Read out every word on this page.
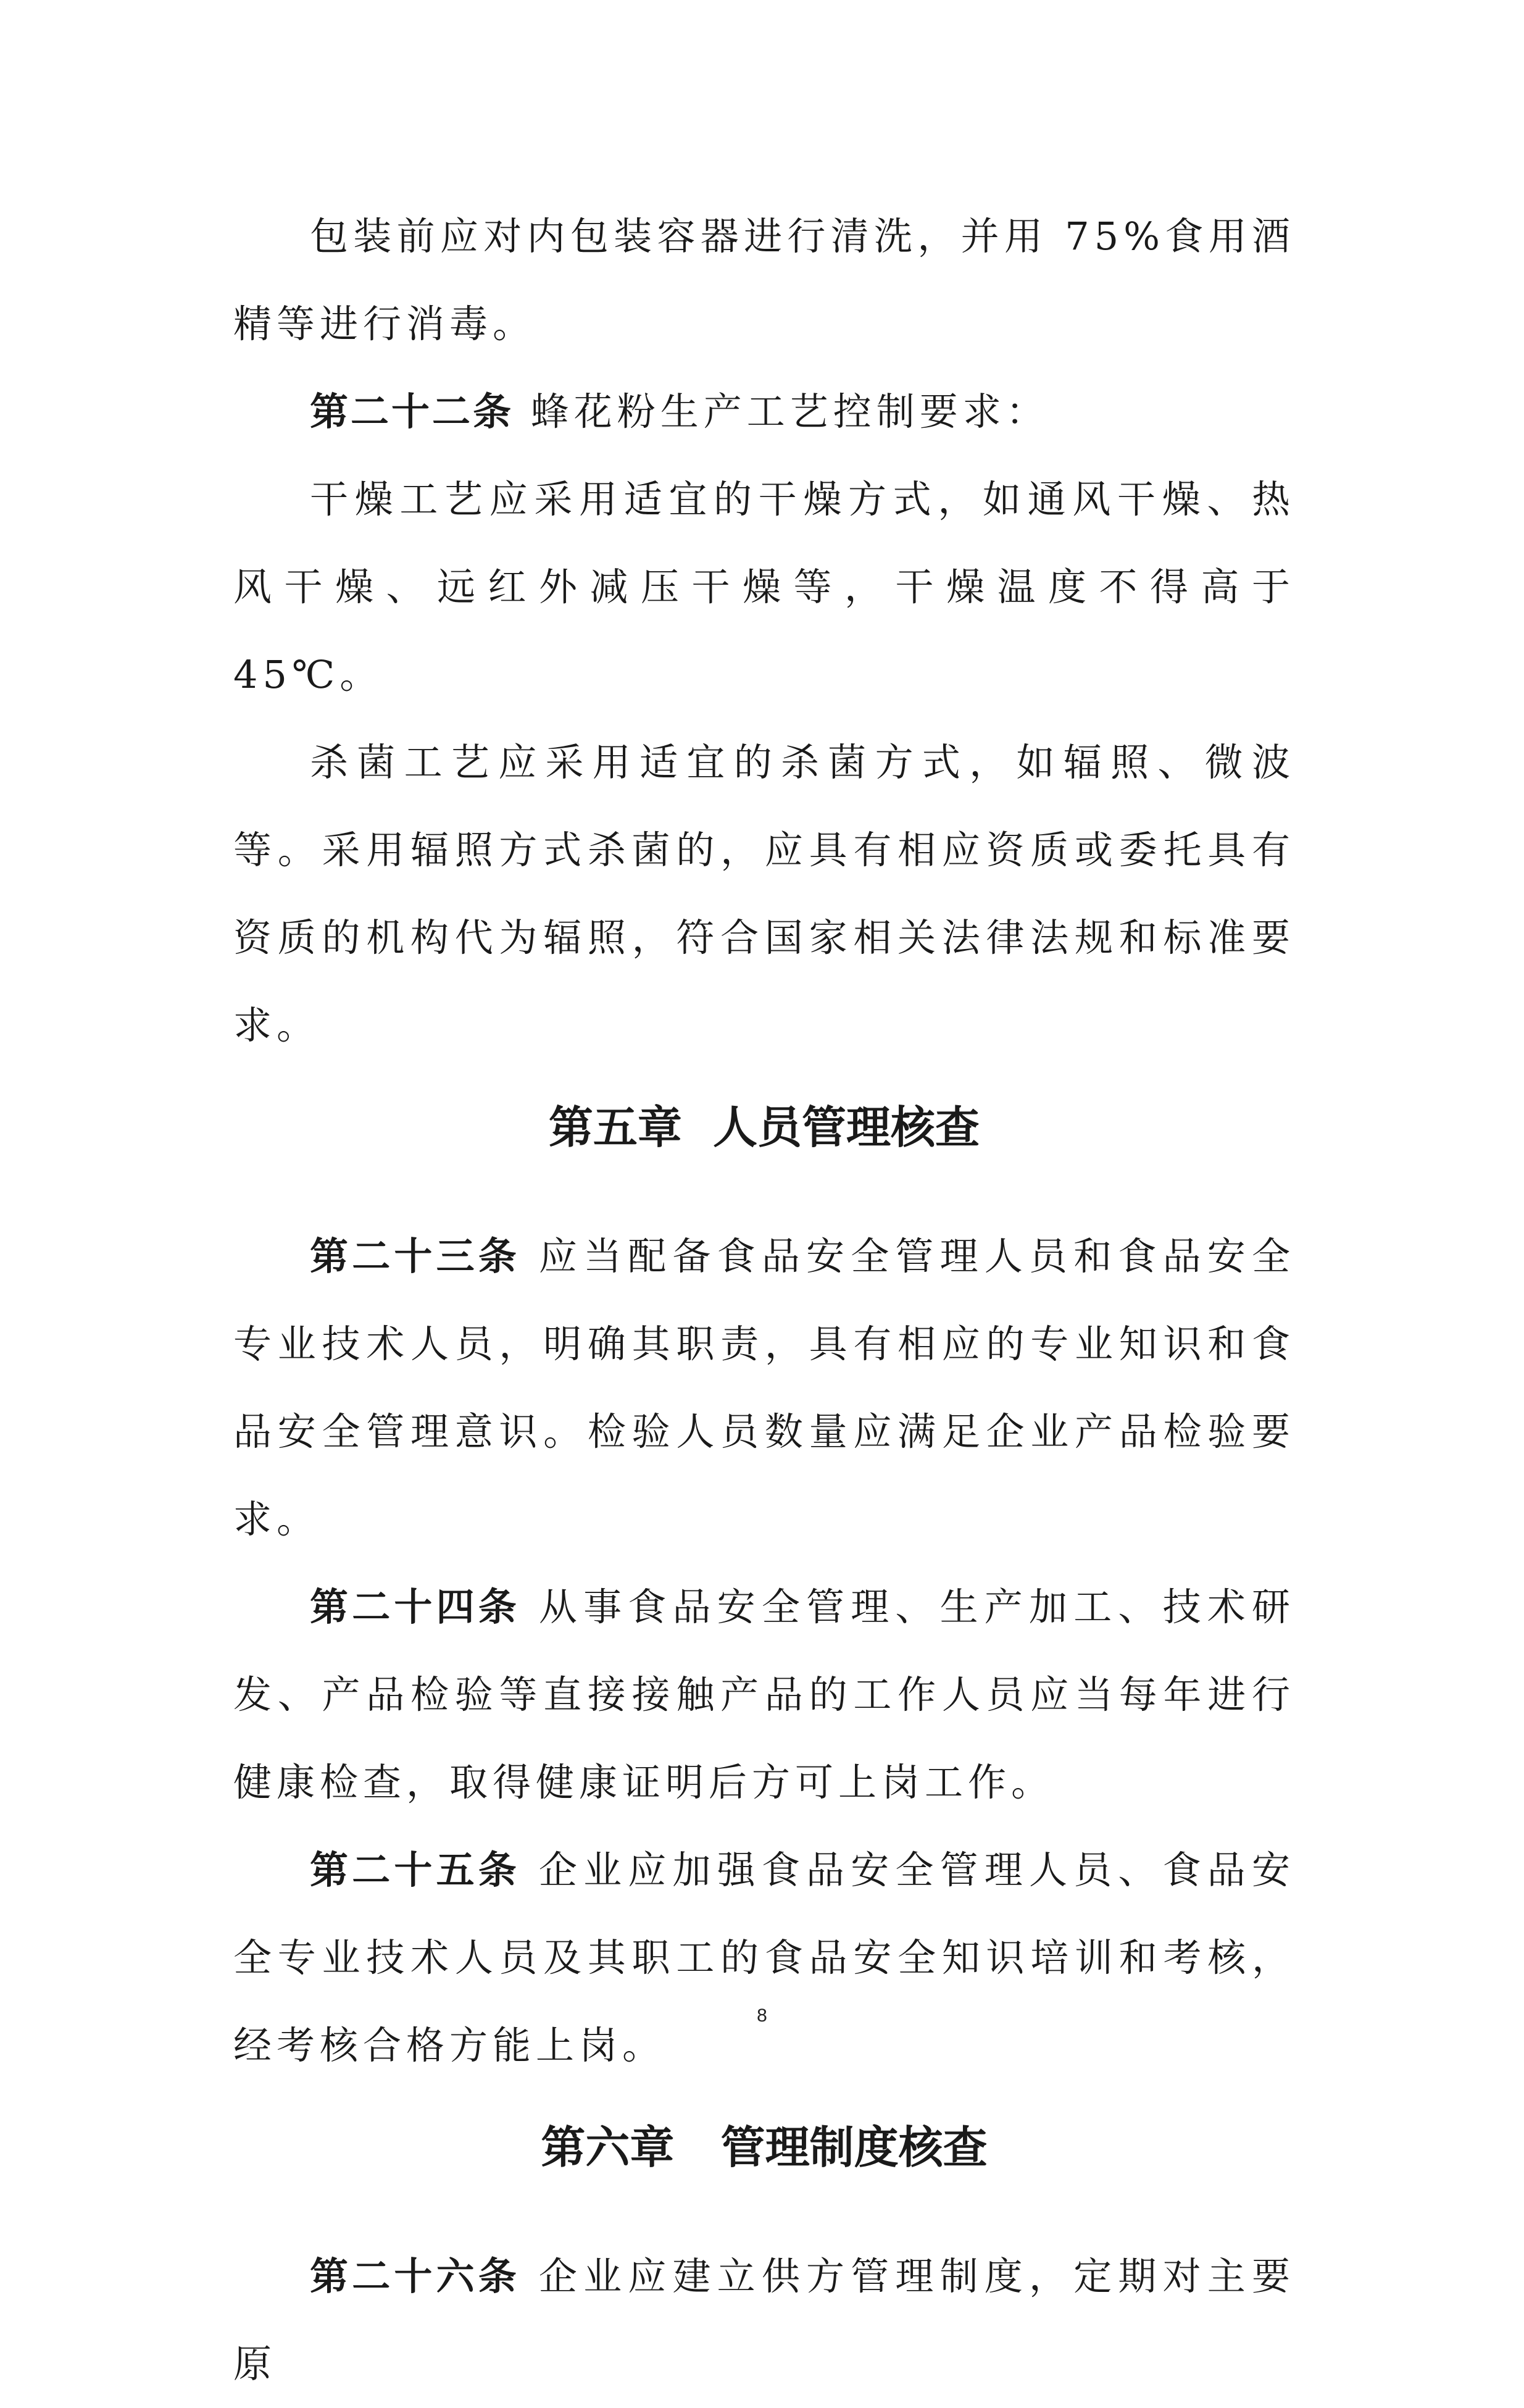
包装前应对内包装容器进行清洗，并用 75%食用酒精等进行消毒。

第二十二条 蜂花粉生产工艺控制要求：

干燥工艺应采用适宜的干燥方式，如通风干燥、热风干燥、远红外减压干燥等，干燥温度不得高于 45℃。

杀菌工艺应采用适宜的杀菌方式，如辐照、微波等。采用辐照方式杀菌的，应具有相应资质或委托具有资质的机构代为辐照，符合国家相关法律法规和标准要求。

第五章  人员管理核查

第二十三条 应当配备食品安全管理人员和食品安全专业技术人员，明确其职责，具有相应的专业知识和食品安全管理意识。检验人员数量应满足企业产品检验要求。

第二十四条 从事食品安全管理、生产加工、技术研发、产品检验等直接接触产品的工作人员应当每年进行健康检查，取得健康证明后方可上岗工作。

第二十五条 企业应加强食品安全管理人员、食品安全专业技术人员及其职工的食品安全知识培训和考核，经考核合格方能上岗。

第六章   管理制度核查

第二十六条 企业应建立供方管理制度，定期对主要原

8
